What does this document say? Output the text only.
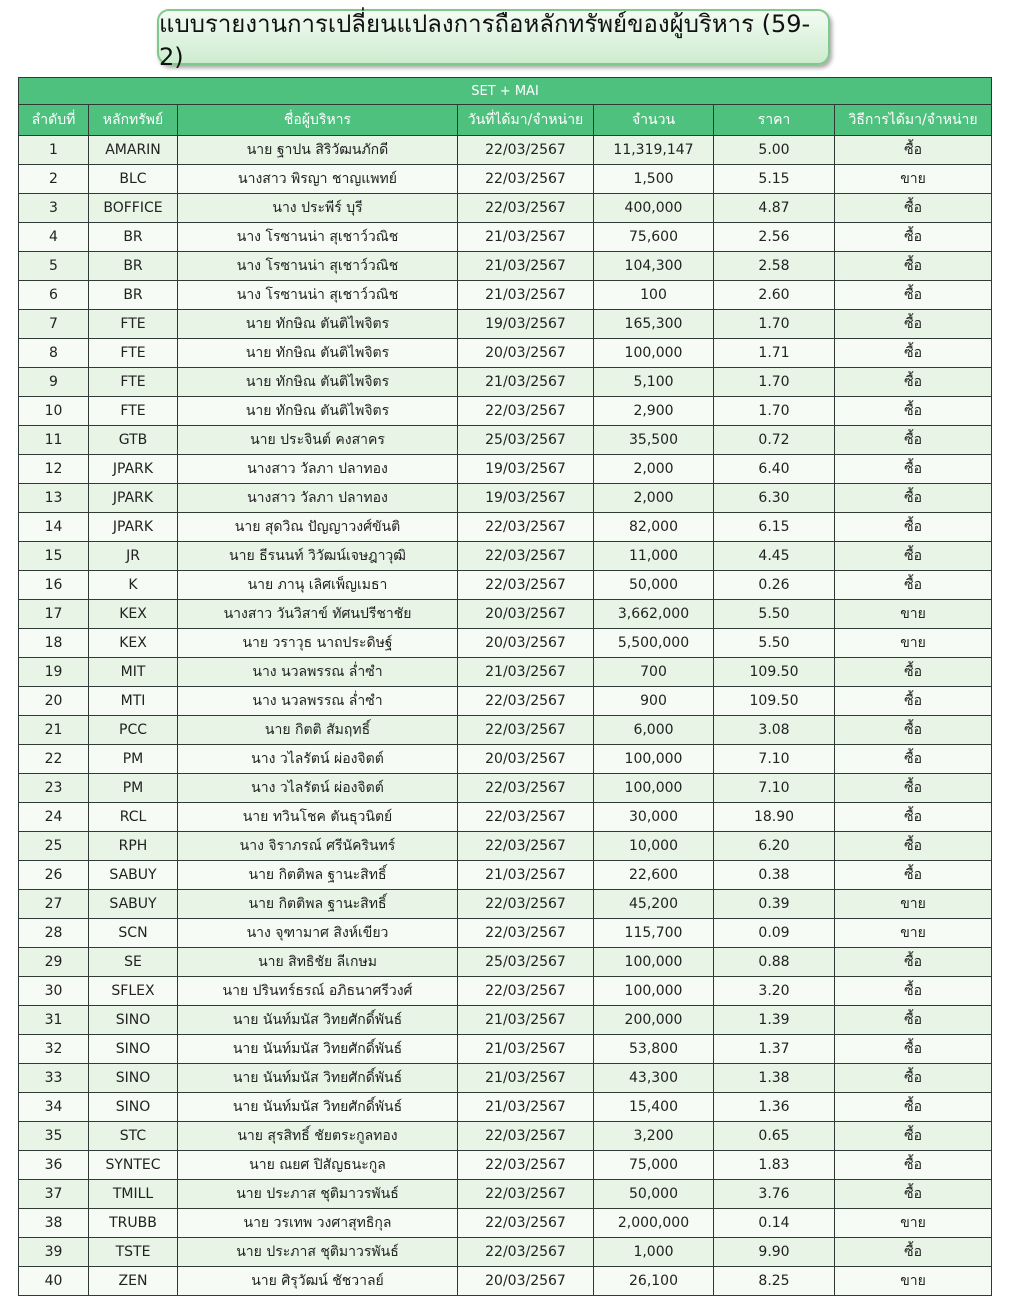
แบบรายงานการเปลี่ยนแปลงการถือหลักทรัพย์ของผู้บริหาร (59-2)
SET + MAI						
ลำดับที่	หลักทรัพย์	ชื่อผู้บริหาร	วันที่ได้มา/จำหน่าย	จำนวน	ราคา	วิธีการได้มา/จำหน่าย
1	AMARIN	นาย ฐาปน สิริวัฒนภักดี	22/03/2567	11,319,147	5.00	ซื้อ
2	BLC	นางสาว พิรญา ชาญแพทย์	22/03/2567	1,500	5.15	ขาย
3	BOFFICE	นาง ประพีร์ บุรี	22/03/2567	400,000	4.87	ซื้อ
4	BR	นาง โรซานน่า สุเชาว์วณิช	21/03/2567	75,600	2.56	ซื้อ
5	BR	นาง โรซานน่า สุเชาว์วณิช	21/03/2567	104,300	2.58	ซื้อ
6	BR	นาง โรซานน่า สุเชาว์วณิช	21/03/2567	100	2.60	ซื้อ
7	FTE	นาย ทักษิณ ตันติไพจิตร	19/03/2567	165,300	1.70	ซื้อ
8	FTE	นาย ทักษิณ ตันติไพจิตร	20/03/2567	100,000	1.71	ซื้อ
9	FTE	นาย ทักษิณ ตันติไพจิตร	21/03/2567	5,100	1.70	ซื้อ
10	FTE	นาย ทักษิณ ตันติไพจิตร	22/03/2567	2,900	1.70	ซื้อ
11	GTB	นาย ประจินต์ คงสาคร	25/03/2567	35,500	0.72	ซื้อ
12	JPARK	นางสาว วัลภา ปลาทอง	19/03/2567	2,000	6.40	ซื้อ
13	JPARK	นางสาว วัลภา ปลาทอง	19/03/2567	2,000	6.30	ซื้อ
14	JPARK	นาย สุดวิณ ปัญญาวงศ์ขันติ	22/03/2567	82,000	6.15	ซื้อ
15	JR	นาย ธีรนนท์ วิวัฒน์เจษฎาวุฒิ	22/03/2567	11,000	4.45	ซื้อ
16	K	นาย ภานุ เลิศเพ็ญเมธา	22/03/2567	50,000	0.26	ซื้อ
17	KEX	นางสาว วันวิสาข์ ทัศนปรีชาชัย	20/03/2567	3,662,000	5.50	ขาย
18	KEX	นาย วราวุธ นาถประดิษฐ์	20/03/2567	5,500,000	5.50	ขาย
19	MIT	นาง นวลพรรณ ล่ำซำ	21/03/2567	700	109.50	ซื้อ
20	MTI	นาง นวลพรรณ ล่ำซำ	22/03/2567	900	109.50	ซื้อ
21	PCC	นาย กิตติ สัมฤทธิ์	22/03/2567	6,000	3.08	ซื้อ
22	PM	นาง วไลรัตน์ ผ่องจิตต์	20/03/2567	100,000	7.10	ซื้อ
23	PM	นาง วไลรัตน์ ผ่องจิตต์	22/03/2567	100,000	7.10	ซื้อ
24	RCL	นาย ทวินโชค ตันธุวนิตย์	22/03/2567	30,000	18.90	ซื้อ
25	RPH	นาง จิราภรณ์ ศรีนัครินทร์	22/03/2567	10,000	6.20	ซื้อ
26	SABUY	นาย กิตติพล ฐานะสิทธิ์	21/03/2567	22,600	0.38	ซื้อ
27	SABUY	นาย กิตติพล ฐานะสิทธิ์	22/03/2567	45,200	0.39	ขาย
28	SCN	นาง จุฑามาศ สิงห์เขียว	22/03/2567	115,700	0.09	ขาย
29	SE	นาย สิทธิชัย ลีเกษม	25/03/2567	100,000	0.88	ซื้อ
30	SFLEX	นาย ปรินทร์ธรณ์ อภิธนาศรีวงศ์	22/03/2567	100,000	3.20	ซื้อ
31	SINO	นาย นันท์มนัส วิทยศักดิ์พันธ์	21/03/2567	200,000	1.39	ซื้อ
32	SINO	นาย นันท์มนัส วิทยศักดิ์พันธ์	21/03/2567	53,800	1.37	ซื้อ
33	SINO	นาย นันท์มนัส วิทยศักดิ์พันธ์	21/03/2567	43,300	1.38	ซื้อ
34	SINO	นาย นันท์มนัส วิทยศักดิ์พันธ์	21/03/2567	15,400	1.36	ซื้อ
35	STC	นาย สุรสิทธิ์ ชัยตระกูลทอง	22/03/2567	3,200	0.65	ซื้อ
36	SYNTEC	นาย ณยศ ปิสัญธนะกูล	22/03/2567	75,000	1.83	ซื้อ
37	TMILL	นาย ประภาส ชุติมาวรพันธ์	22/03/2567	50,000	3.76	ซื้อ
38	TRUBB	นาย วรเทพ วงศาสุทธิกุล	22/03/2567	2,000,000	0.14	ขาย
39	TSTE	นาย ประภาส ชุติมาวรพันธ์	22/03/2567	1,000	9.90	ซื้อ
40	ZEN	นาย ศิรุวัฒน์ ชัชวาลย์	20/03/2567	26,100	8.25	ขาย
